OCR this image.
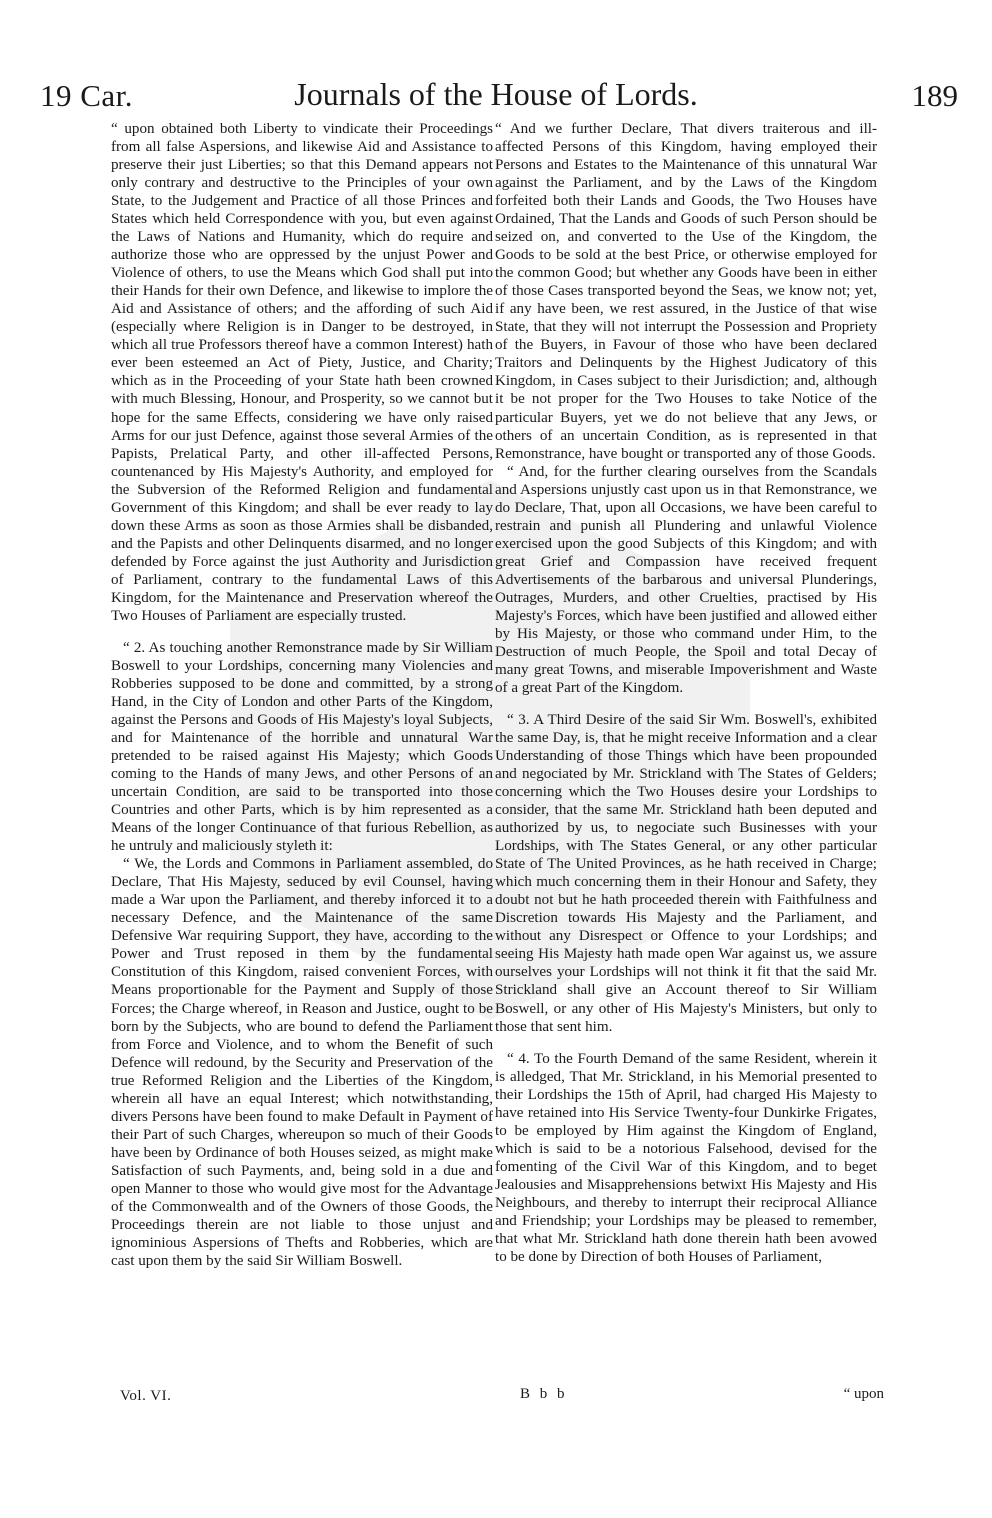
19 Car.	Journals of the House of Lords.	189

“ upon obtained both Liberty to vindicate their Proceedings from all false Aspersions, and likewise Aid and Assistance to preserve their just Liberties; so that this Demand appears not only contrary and destructive to the Principles of your own State, to the Judgement and Practice of all those Princes and States which held Correspondence with you, but even against the Laws of Nations and Humanity, which do require and authorize those who are oppressed by the unjust Power and Violence of others, to use the Means which God shall put into their Hands for their own Defence, and likewise to implore the Aid and Assistance of others; and the affording of such Aid (especially where Religion is in Danger to be destroyed, in which all true Professors thereof have a common Interest) hath ever been esteemed an Act of Piety, Justice, and Charity; which as in the Proceeding of your State hath been crowned with much Blessing, Honour, and Prosperity, so we cannot but hope for the same Effects, considering we have only raised Arms for our just Defence, against those several Armies of the Papists, Prelatical Party, and other ill-affected Persons, countenanced by His Majesty's Authority, and employed for the Subversion of the Reformed Religion and fundamental Government of this Kingdom; and shall be ever ready to lay down these Arms as soon as those Armies shall be disbanded, and the Papists and other Delinquents disarmed, and no longer defended by Force against the just Authority and Jurisdiction of Parliament, contrary to the fundamental Laws of this Kingdom, for the Maintenance and Preservation whereof the Two Houses of Parliament are especially trusted.

“ 2. As touching another Remonstrance made by Sir William Boswell to your Lordships, concerning many Violencies and Robberies supposed to be done and committed, by a strong Hand, in the City of London and other Parts of the Kingdom, against the Persons and Goods of His Majesty's loyal Subjects, and for Maintenance of the horrible and unnatural War pretended to be raised against His Majesty; which Goods coming to the Hands of many Jews, and other Persons of an uncertain Condition, are said to be transported into those Countries and other Parts, which is by him represented as a Means of the longer Continuance of that furious Rebellion, as he untruly and maliciously styleth it:

“ We, the Lords and Commons in Parliament assembled, do Declare, That His Majesty, seduced by evil Counsel, having made a War upon the Parliament, and thereby inforced it to a necessary Defence, and the Maintenance of the same Defensive War requiring Support, they have, according to the Power and Trust reposed in them by the fundamental Constitution of this Kingdom, raised convenient Forces, with Means proportionable for the Payment and Supply of those Forces; the Charge whereof, in Reason and Justice, ought to be born by the Subjects, who are bound to defend the Parliament from Force and Violence, and to whom the Benefit of such Defence will redound, by the Security and Preservation of the true Reformed Religion and the Liberties of the Kingdom, wherein all have an equal Interest; which notwithstanding, divers Persons have been found to make Default in Payment of their Part of such Charges, whereupon so much of their Goods have been by Ordinance of both Houses seized, as might make Satisfaction of such Payments, and, being sold in a due and open Manner to those who would give most for the Advantage of the Commonwealth and of the Owners of those Goods, the Proceedings therein are not liable to those unjust and ignominious Aspersions of Thefts and Robberies, which are cast upon them by the said Sir William Boswell.

“ And we further Declare, That divers traiterous and ill-affected Persons of this Kingdom, having employed their Persons and Estates to the Maintenance of this unnatural War against the Parliament, and by the Laws of the Kingdom forfeited both their Lands and Goods, the Two Houses have Ordained, That the Lands and Goods of such Person should be seized on, and converted to the Use of the Kingdom, the Goods to be sold at the best Price, or otherwise employed for the common Good; but whether any Goods have been in either of those Cases transported beyond the Seas, we know not; yet, if any have been, we rest assured, in the Justice of that wise State, that they will not interrupt the Possession and Propriety of the Buyers, in Favour of those who have been declared Traitors and Delinquents by the Highest Judicatory of this Kingdom, in Cases subject to their Jurisdiction; and, although it be not proper for the Two Houses to take Notice of the particular Buyers, yet we do not believe that any Jews, or others of an uncertain Condition, as is represented in that Remonstrance, have bought or transported any of those Goods.

“ And, for the further clearing ourselves from the Scandals and Aspersions unjustly cast upon us in that Remonstrance, we do Declare, That, upon all Occasions, we have been careful to restrain and punish all Plundering and unlawful Violence exercised upon the good Subjects of this Kingdom; and with great Grief and Compassion have received frequent Advertisements of the barbarous and universal Plunderings, Outrages, Murders, and other Cruelties, practised by His Majesty's Forces, which have been justified and allowed either by His Majesty, or those who command under Him, to the Destruction of much People, the Spoil and total Decay of many great Towns, and miserable Impoverishment and Waste of a great Part of the Kingdom.

“ 3. A Third Desire of the said Sir Wm. Boswell's, exhibited the same Day, is, that he might receive Information and a clear Understanding of those Things which have been propounded and negociated by Mr. Strickland with The States of Gelders; concerning which the Two Houses desire your Lordships to consider, that the same Mr. Strickland hath been deputed and authorized by us, to negociate such Businesses with your Lordships, with The States General, or any other particular State of The United Provinces, as he hath received in Charge; which much concerning them in their Honour and Safety, they doubt not but he hath proceeded therein with Faithfulness and Discretion towards His Majesty and the Parliament, and without any Disrespect or Offence to your Lordships; and seeing His Majesty hath made open War against us, we assure ourselves your Lordships will not think it fit that the said Mr. Strickland shall give an Account thereof to Sir William Boswell, or any other of His Majesty's Ministers, but only to those that sent him.

“ 4. To the Fourth Demand of the same Resident, wherein it is alledged, That Mr. Strickland, in his Memorial presented to their Lordships the 15th of April, had charged His Majesty to have retained into His Service Twenty-four Dunkirke Frigates, to be employed by Him against the Kingdom of England, which is said to be a notorious Falsehood, devised for the fomenting of the Civil War of this Kingdom, and to beget Jealousies and Misapprehensions betwixt His Majesty and His Neighbours, and thereby to interrupt their reciprocal Alliance and Friendship; your Lordships may be pleased to remember, that what Mr. Strickland hath done therein hath been avowed to be done by Direction of both Houses of Parliament,

Vol. VI.	B b b	“ upon
